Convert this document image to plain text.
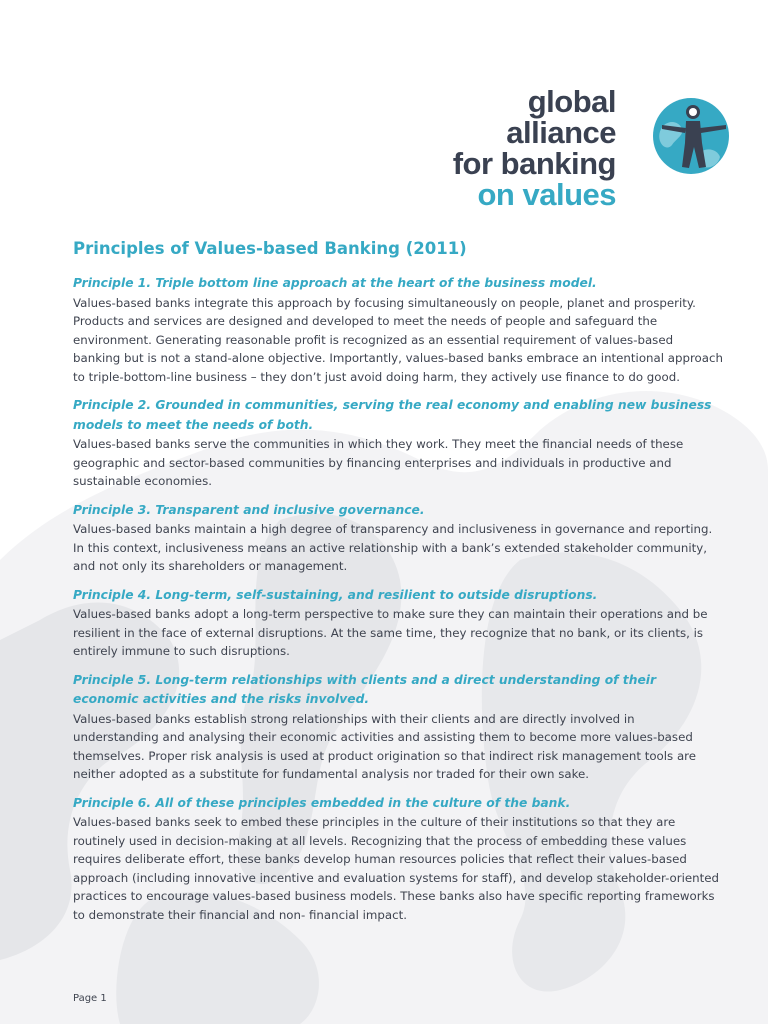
global alliance
for banking
on values
Principles of Values-based Banking (2011)

Principle 1. Triple bottom line approach at the heart of the business model.

Values-based banks integrate this approach by focusing simultaneously on people, planet and prosperity. Products and services are designed and developed to meet the needs of people and safeguard the environment. Generating reasonable profit is recognized as an essential requirement of values-based banking but is not a stand-alone objective. Importantly, values-based banks embrace an intentional approach to triple-bottom-line business – they don’t just avoid doing harm, they actively use finance to do good.

Principle 2. Grounded in communities, serving the real economy and enabling new business models to meet the needs of both.

Values-based banks serve the communities in which they work. They meet the financial needs of these geographic and sector-based communities by financing enterprises and individuals in productive and sustainable economies.

Principle 3. Transparent and inclusive governance.

Values-based banks maintain a high degree of transparency and inclusiveness in governance and reporting. In this context, inclusiveness means an active relationship with a bank’s extended stakeholder community, and not only its shareholders or management.

Principle 4. Long-term, self-sustaining, and resilient to outside disruptions.

Values-based banks adopt a long-term perspective to make sure they can maintain their operations and be resilient in the face of external disruptions. At the same time, they recognize that no bank, or its clients, is entirely immune to such disruptions.

Principle 5. Long-term relationships with clients and a direct understanding of their economic activities and the risks involved.

Values-based banks establish strong relationships with their clients and are directly involved in understanding and analysing their economic activities and assisting them to become more values-based themselves. Proper risk analysis is used at product origination so that indirect risk management tools are neither adopted as a substitute for fundamental analysis nor traded for their own sake.

Principle 6. All of these principles embedded in the culture of the bank.

Values-based banks seek to embed these principles in the culture of their institutions so that they are routinely used in decision-making at all levels. Recognizing that the process of embedding these values requires deliberate effort, these banks develop human resources policies that reflect their values-based approach (including innovative incentive and evaluation systems for staff), and develop stakeholder-oriented practices to encourage values-based business models. These banks also have specific reporting frameworks to demonstrate their financial and non- financial impact.

Page 1
